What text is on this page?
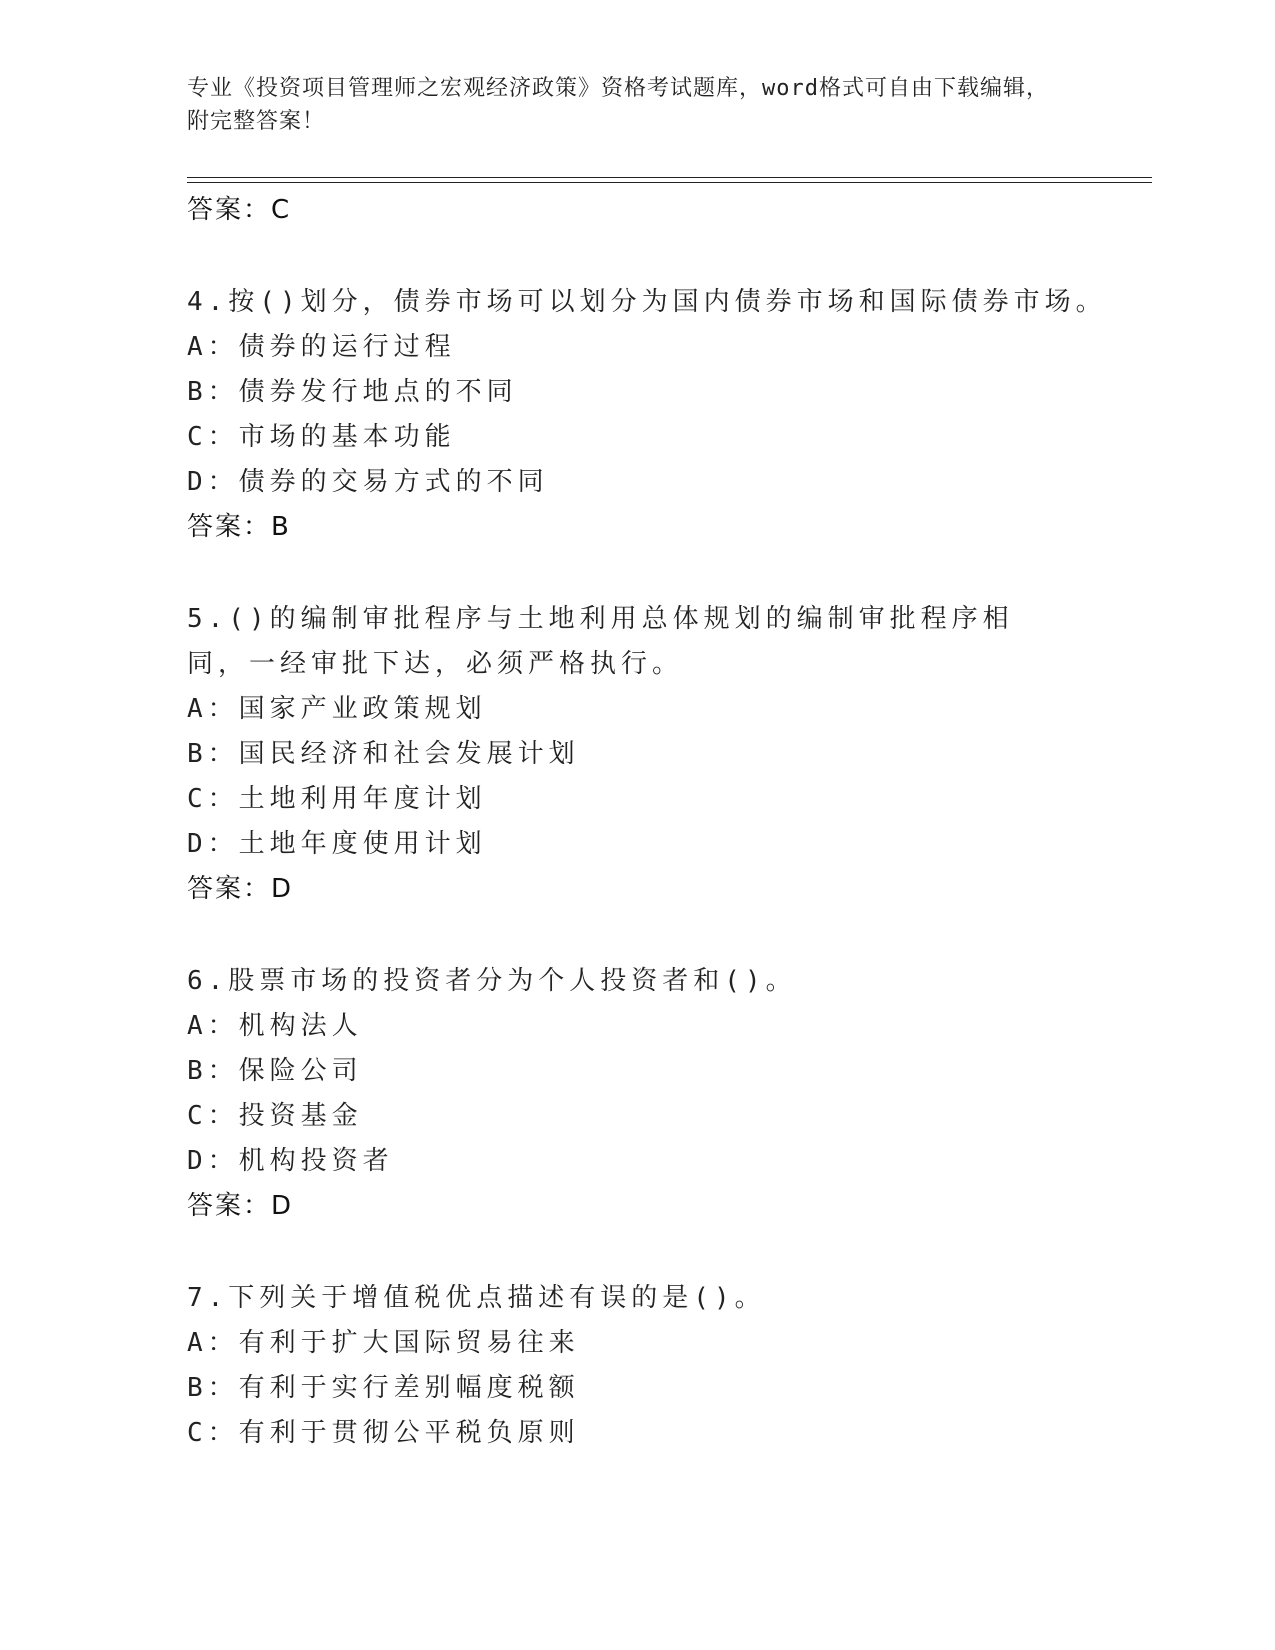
专业《投资项目管理师之宏观经济政策》资格考试题库，word格式可自由下载编辑，附完整答案！
答案：C
4.按()划分，债券市场可以划分为国内债券市场和国际债券市场。
A：债券的运行过程
B：债券发行地点的不同
C：市场的基本功能
D：债券的交易方式的不同
答案：B
5.()的编制审批程序与土地利用总体规划的编制审批程序相同，一经审批下达，必须严格执行。
A：国家产业政策规划
B：国民经济和社会发展计划
C：土地利用年度计划
D：土地年度使用计划
答案：D
6.股票市场的投资者分为个人投资者和()。
A：机构法人
B：保险公司
C：投资基金
D：机构投资者
答案：D
7.下列关于增值税优点描述有误的是()。
A：有利于扩大国际贸易往来
B：有利于实行差别幅度税额
C：有利于贯彻公平税负原则
